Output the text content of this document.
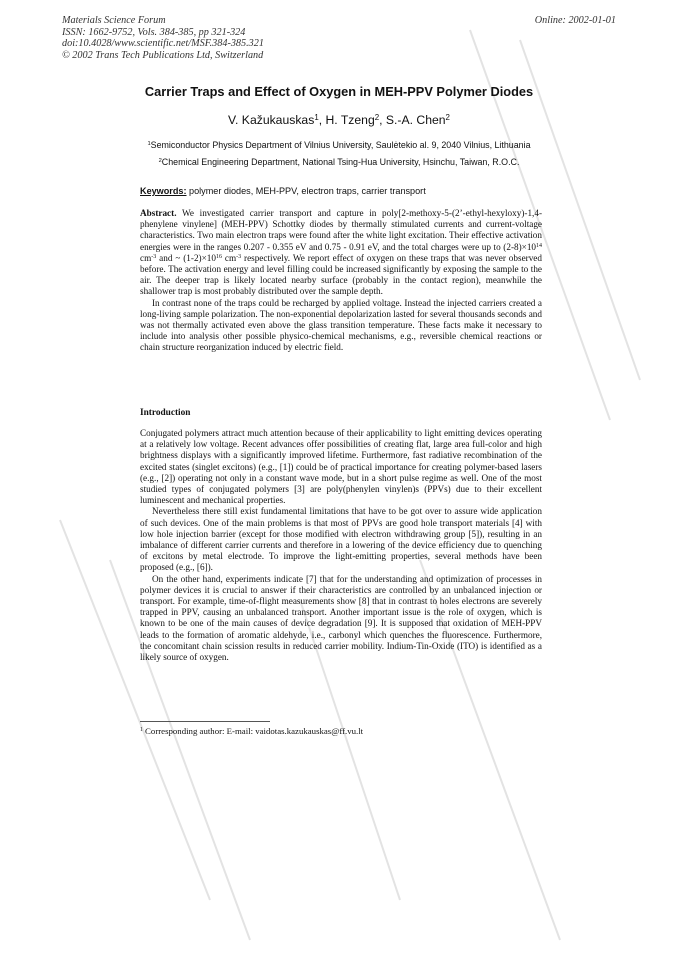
Materials Science Forum
ISSN: 1662-9752, Vols. 384-385, pp 321-324
doi:10.4028/www.scientific.net/MSF.384-385.321
© 2002 Trans Tech Publications Ltd, Switzerland
Online: 2002-01-01
Carrier Traps and Effect of Oxygen in MEH-PPV Polymer Diodes
V. Kažukauskas$^1$, H. Tzeng$^2$, S.-A. Chen$^2$
$^1$Semiconductor Physics Department of Vilnius University, Saulėtekio al. 9, 2040 Vilnius, Lithuania
$^2$Chemical Engineering Department, National Tsing-Hua University, Hsinchu, Taiwan, R.O.C.
Keywords: polymer diodes, MEH-PPV, electron traps, carrier transport

Abstract. We investigated carrier transport and capture in poly[2-methoxy-5-(2’-ethyl-hexyloxy)-1,4-phenylene vinylene] (MEH-PPV) Schottky diodes by thermally stimulated currents and current-voltage characteristics. Two main electron traps were found after the white light excitation. Their effective activation energies were in the ranges 0.207 - 0.355 eV and 0.75 - 0.91 eV, and the total charges were up to $(2-8)\times 10^{14}$ $cm^{-3}$ and ~ $(1-2)\times 10^{16}$ $cm^{-3}$ respectively. We report effect of oxygen on these traps that was never observed before. The activation energy and level filling could be increased significantly by exposing the sample to the air. The deeper trap is likely located nearby surface (probably in the contact region), meanwhile the shallower trap is most probably distributed over the sample depth.

In contrast none of the traps could be recharged by applied voltage. Instead the injected carriers created a long-living sample polarization. The non-exponential depolarization lasted for several thousands seconds and was not thermally activated even above the glass transition temperature. These facts make it necessary to include into analysis other possible physico-chemical mechanisms, e.g., reversible chemical reactions or chain structure reorganization induced by electric field.

Introduction

Conjugated polymers attract much attention because of their applicability to light emitting devices operating at a relatively low voltage. Recent advances offer possibilities of creating flat, large area full-color and high brightness displays with a significantly improved lifetime. Furthermore, fast radiative recombination of the excited states (singlet excitons) (e.g., [1]) could be of practical importance for creating polymer-based lasers (e.g., [2]) operating not only in a constant wave mode, but in a short pulse regime as well. One of the most studied types of conjugated polymers [3] are poly(phenylen vinylen)s (PPVs) due to their excellent luminescent and mechanical properties.

Nevertheless there still exist fundamental limitations that have to be got over to assure wide application of such devices. One of the main problems is that most of PPVs are good hole transport materials [4] with low hole injection barrier (except for those modified with electron withdrawing group [5]), resulting in an imbalance of different carrier currents and therefore in a lowering of the device efficiency due to quenching of excitons by metal electrode. To improve the light-emitting properties, several methods have been proposed (e.g., [6]).

On the other hand, experiments indicate [7] that for the understanding and optimization of processes in polymer devices it is crucial to answer if their characteristics are controlled by an unbalanced injection or transport. For example, time-of-flight measurements show [8] that in contrast to holes electrons are severely trapped in PPV, causing an unbalanced transport. Another important issue is the role of oxygen, which is known to be one of the main causes of device degradation [9]. It is supposed that oxidation of MEH-PPV leads to the formation of aromatic aldehyde, i.e., carbonyl which quenches the fluorescence. Furthermore, the concomitant chain scission results in reduced carrier mobility. Indium-Tin-Oxide (ITO) is identified as a likely source of oxygen.

$^1$ Corresponding author: E-mail: vaidotas.kazukauskas@ff.vu.lt
